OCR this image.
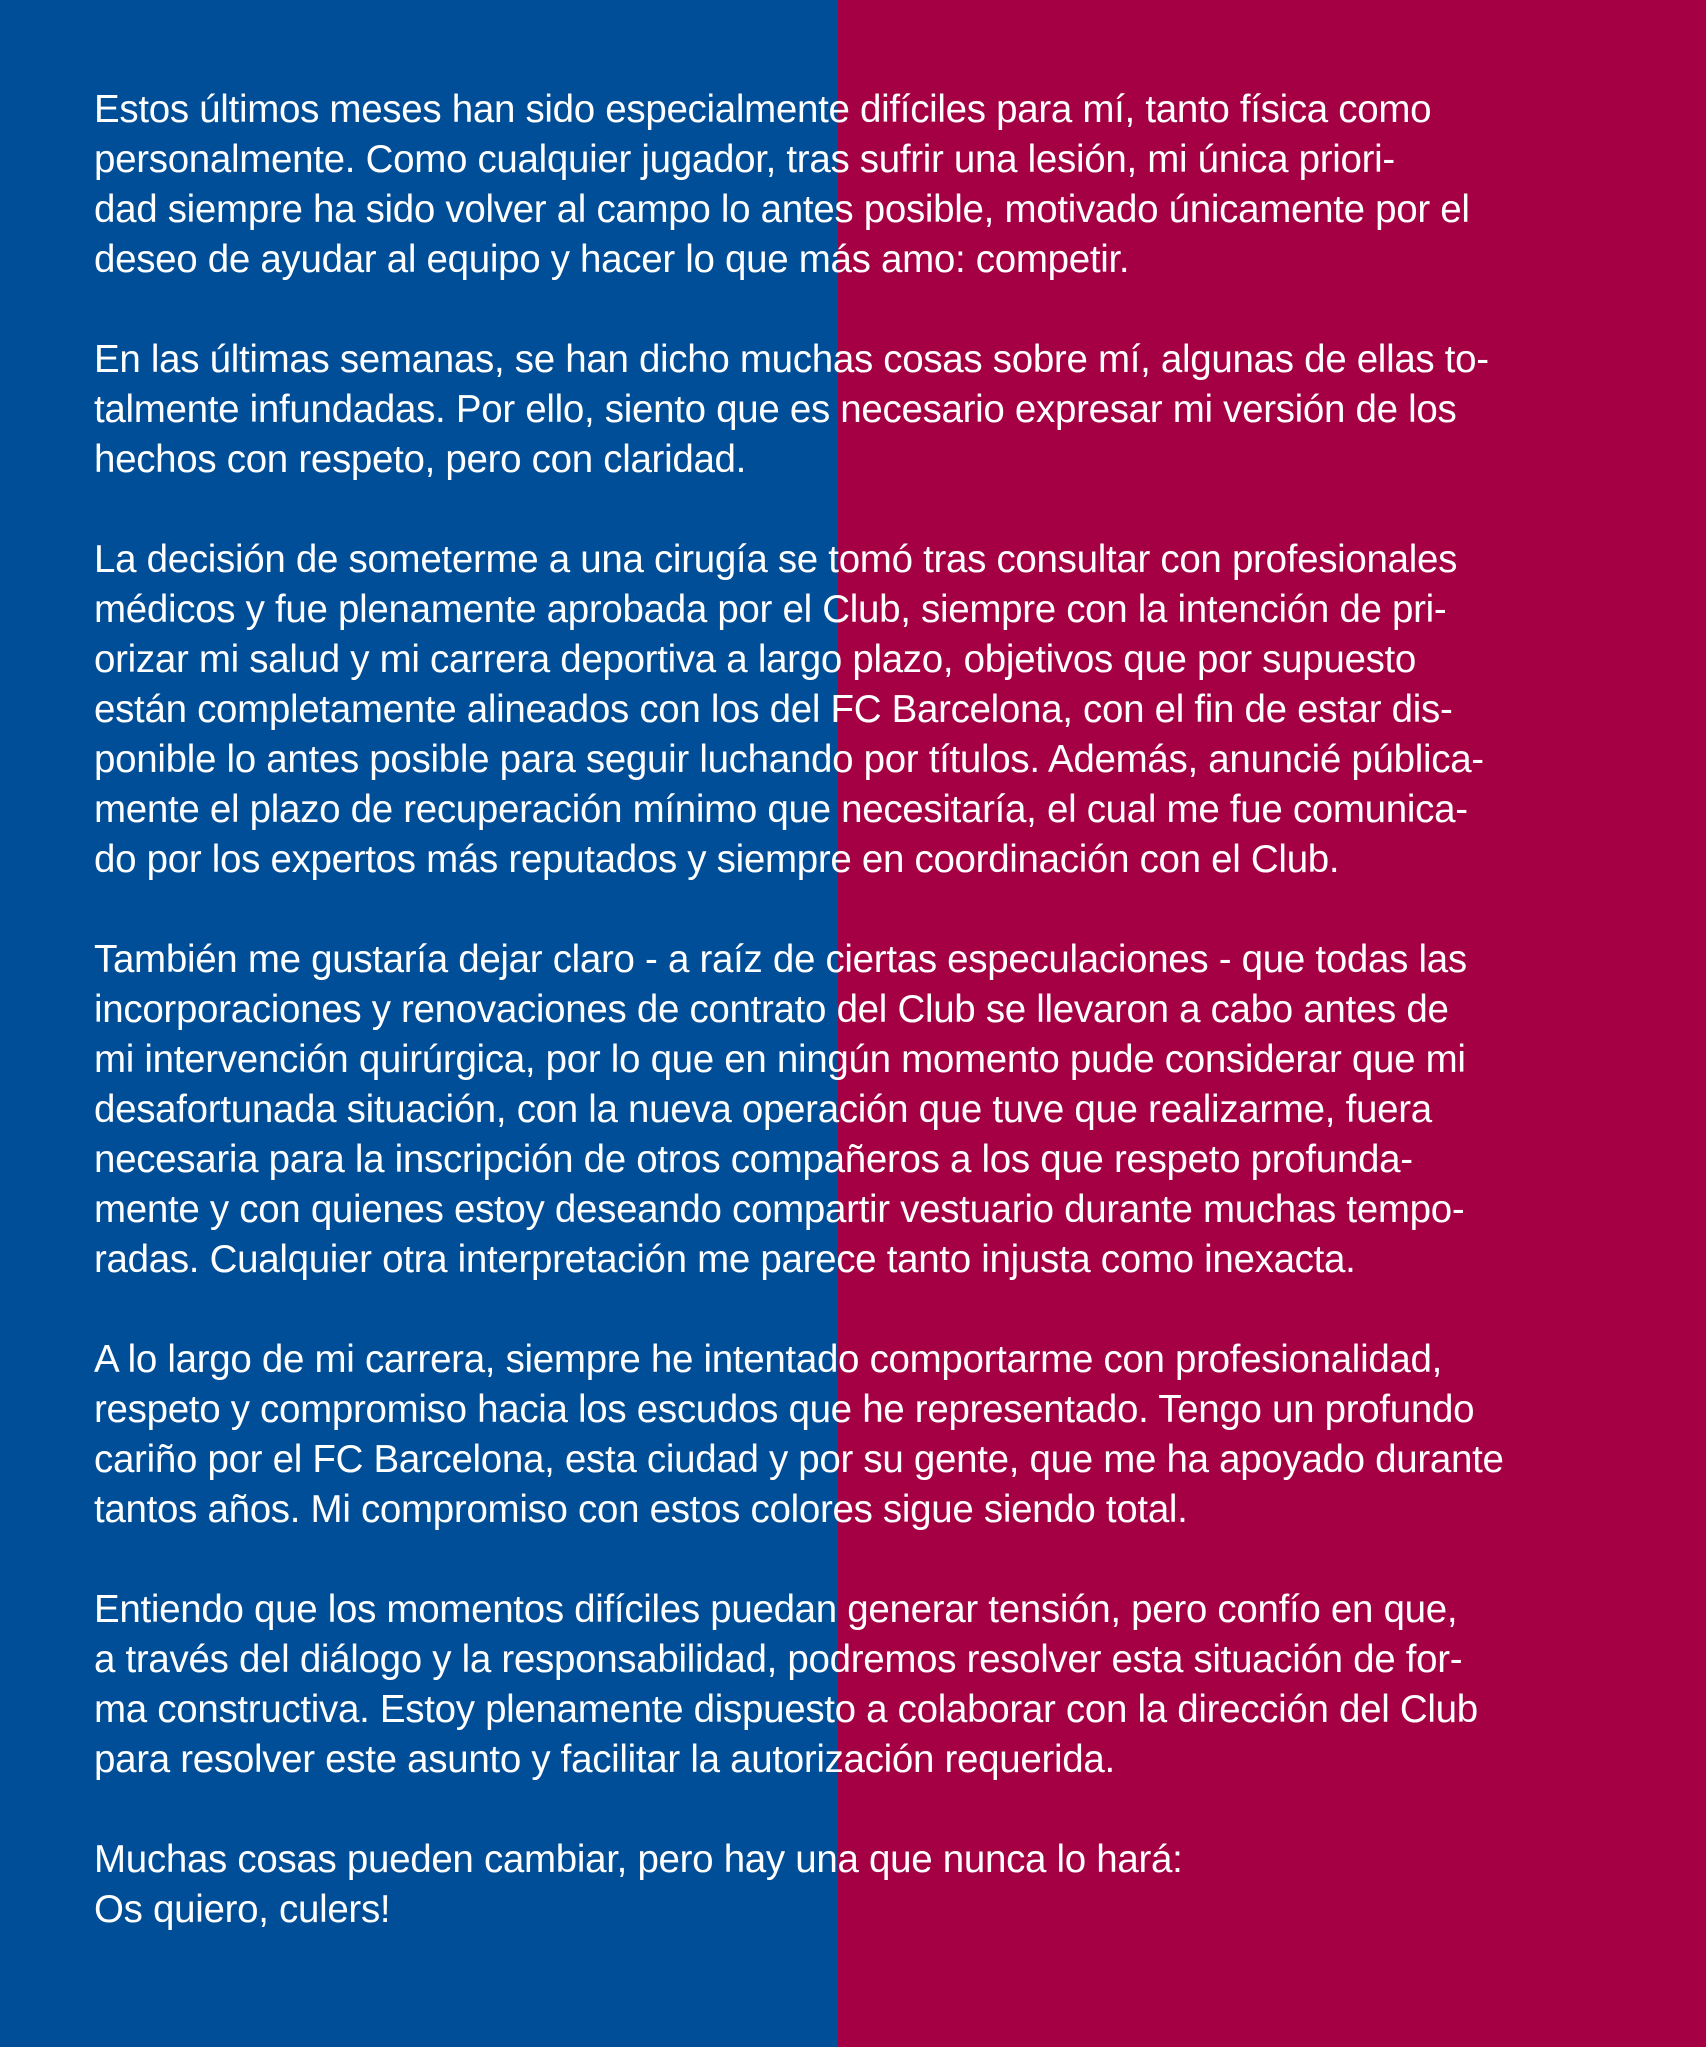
Estos últimos meses han sido especialmente difíciles para mí, tanto física como
personalmente. Como cualquier jugador, tras sufrir una lesión, mi única priori-
dad siempre ha sido volver al campo lo antes posible, motivado únicamente por el
deseo de ayudar al equipo y hacer lo que más amo: competir.
En las últimas semanas, se han dicho muchas cosas sobre mí, algunas de ellas to-
talmente infundadas. Por ello, siento que es necesario expresar mi versión de los
hechos con respeto, pero con claridad.
La decisión de someterme a una cirugía se tomó tras consultar con profesionales
médicos y fue plenamente aprobada por el Club, siempre con la intención de pri-
orizar mi salud y mi carrera deportiva a largo plazo, objetivos que por supuesto
están completamente alineados con los del FC Barcelona, con el fin de estar dis-
ponible lo antes posible para seguir luchando por títulos. Además, anuncié pública-
mente el plazo de recuperación mínimo que necesitaría, el cual me fue comunica-
do por los expertos más reputados y siempre en coordinación con el Club.
También me gustaría dejar claro - a raíz de ciertas especulaciones - que todas las
incorporaciones y renovaciones de contrato del Club se llevaron a cabo antes de
mi intervención quirúrgica, por lo que en ningún momento pude considerar que mi
desafortunada situación, con la nueva operación que tuve que realizarme, fuera
necesaria para la inscripción de otros compañeros a los que respeto profunda-
mente y con quienes estoy deseando compartir vestuario durante muchas tempo-
radas. Cualquier otra interpretación me parece tanto injusta como inexacta.
A lo largo de mi carrera, siempre he intentado comportarme con profesionalidad,
respeto y compromiso hacia los escudos que he representado. Tengo un profundo
cariño por el FC Barcelona, esta ciudad y por su gente, que me ha apoyado durante
tantos años. Mi compromiso con estos colores sigue siendo total.
Entiendo que los momentos difíciles puedan generar tensión, pero confío en que,
a través del diálogo y la responsabilidad, podremos resolver esta situación de for-
ma constructiva. Estoy plenamente dispuesto a colaborar con la dirección del Club
para resolver este asunto y facilitar la autorización requerida.
Muchas cosas pueden cambiar, pero hay una que nunca lo hará:
Os quiero, culers!
